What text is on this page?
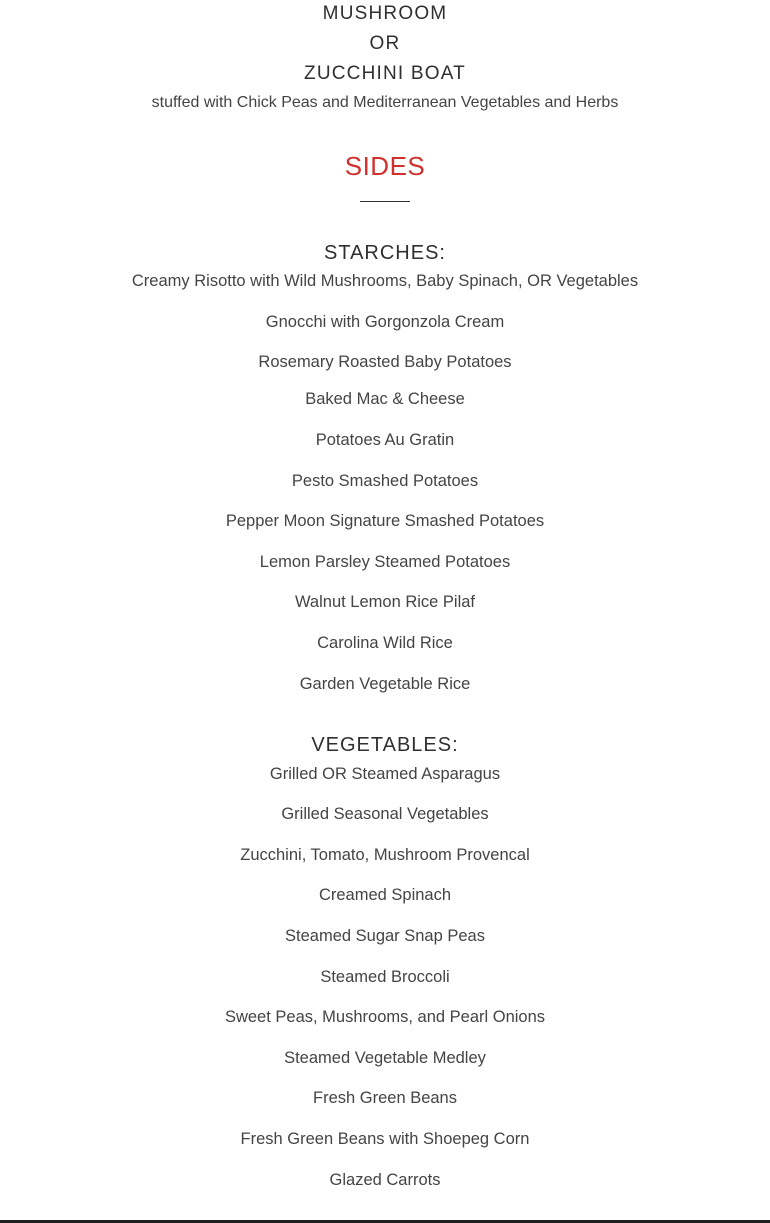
MUSHROOM
OR
ZUCCHINI BOAT
stuffed with Chick Peas and Mediterranean Vegetables and Herbs
SIDES
STARCHES:
Creamy Risotto with Wild Mushrooms, Baby Spinach, OR Vegetables
Gnocchi with Gorgonzola Cream
Rosemary Roasted Baby Potatoes
Baked Mac & Cheese
Potatoes Au Gratin
Pesto Smashed Potatoes
Pepper Moon Signature Smashed Potatoes
Lemon Parsley Steamed Potatoes
Walnut Lemon Rice Pilaf
Carolina Wild Rice
Garden Vegetable Rice
VEGETABLES:
Grilled OR Steamed Asparagus
Grilled Seasonal Vegetables
Zucchini, Tomato, Mushroom Provencal
Creamed Spinach
Steamed Sugar Snap Peas
Steamed Broccoli
Sweet Peas, Mushrooms, and Pearl Onions
Steamed Vegetable Medley
Fresh Green Beans
Fresh Green Beans with Shoepeg Corn
Glazed Carrots
